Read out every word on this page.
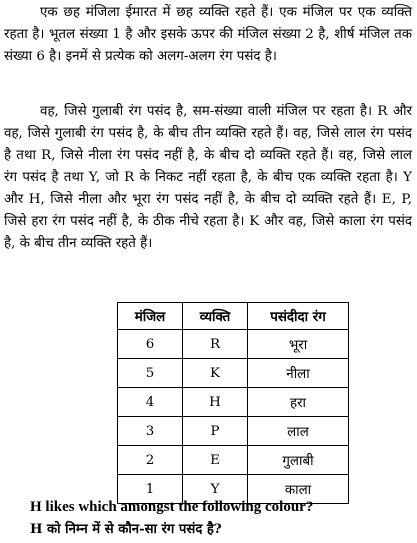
एक छह मंजिला ईमारत में छह व्यक्ति रहते हैं। एक मंजिल पर एक व्यक्ति रहता है। भूतल संख्या 1 है और इसके ऊपर की मंजिल संख्या 2 है, शीर्ष मंजिल तक संख्या 6 है। इनमें से प्रत्येक को अलग-अलग रंग पसंद है।

वह, जिसे गुलाबी रंग पसंद है, सम-संख्या वाली मंजिल पर रहता है। R और वह, जिसे गुलाबी रंग पसंद है, के बीच तीन व्यक्ति रहते हैं। वह, जिसे लाल रंग पसंद है तथा R, जिसे नीला रंग पसंद नहीं है, के बीच दो व्यक्ति रहते हैं। वह, जिसे लाल रंग पसंद है तथा Y, जो R के निकट नहीं रहता है, के बीच एक व्यक्ति रहता है। Y और H, जिसे नीला और भूरा रंग पसंद नहीं है, के बीच दो व्यक्ति रहते हैं। E, P, जिसे हरा रंग पसंद नहीं है, के ठीक नीचे रहता है। K और वह, जिसे काला रंग पसंद है, के बीच तीन व्यक्ति रहते हैं।

मंजिल	व्यक्ति	पसंदीदा रंग
6	R	भूरा
5	K	नीला
4	H	हरा
3	P	लाल
2	E	गुलाबी
1	Y	काला

H likes which amongst the following colour?

H को निम्न में से कौन-सा रंग पसंद है?
